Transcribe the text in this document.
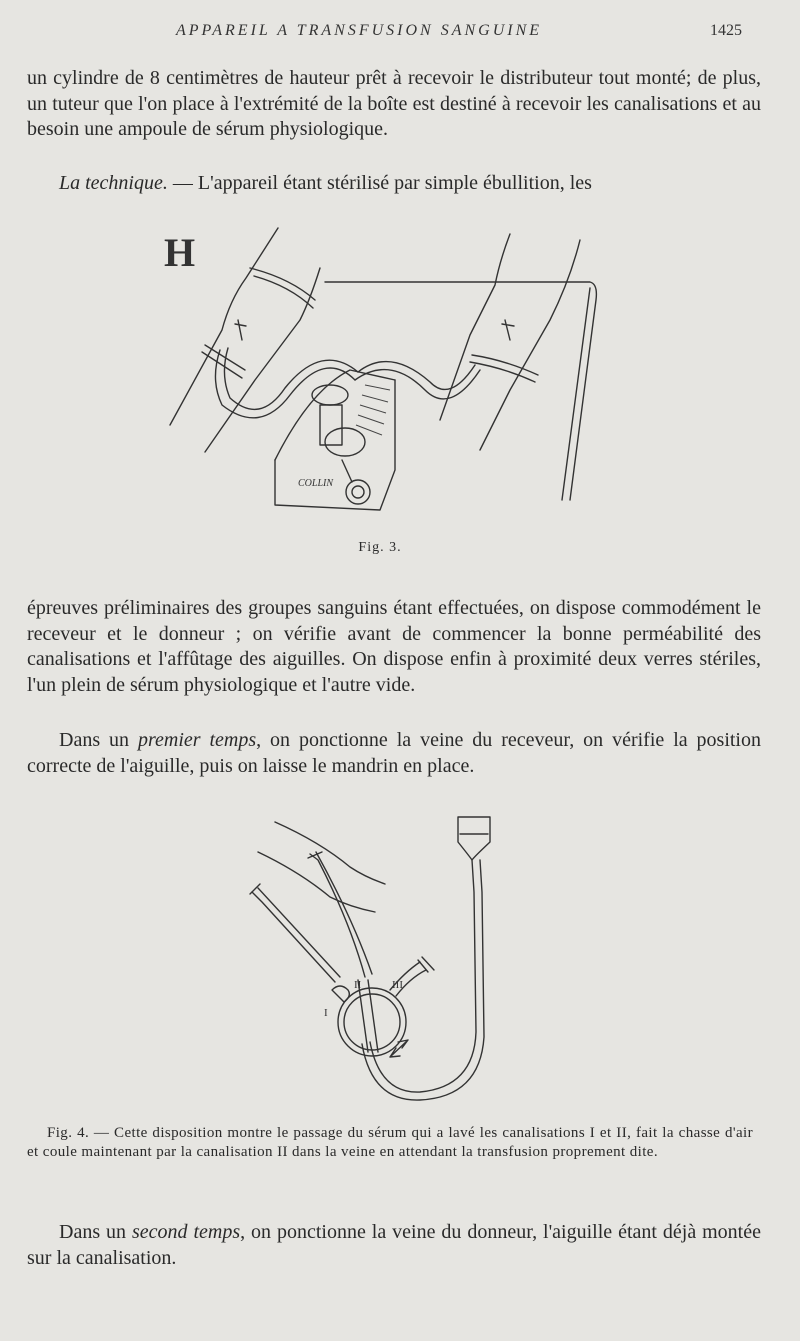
APPAREIL A TRANSFUSION SANGUINE	1425

un cylindre de 8 centimètres de hauteur prêt à recevoir le distributeur tout monté; de plus, un tuteur que l'on place à l'extrémité de la boîte est destiné à recevoir les canalisations et au besoin une ampoule de sérum physiologique.

La technique. — L'appareil étant stérilisé par simple ébullition, les

H
COLLIN
Fig. 3.

épreuves préliminaires des groupes sanguins étant effectuées, on dispose commodément le receveur et le donneur ; on vérifie avant de commencer la bonne perméabilité des canalisations et l'affûtage des aiguilles. On dispose enfin à proximité deux verres stériles, l'un plein de sérum physiologique et l'autre vide.

Dans un premier temps, on ponctionne la veine du receveur, on vérifie la position correcte de l'aiguille, puis on laisse le mandrin en place.

I
II	III

Fig. 4. — Cette disposition montre le passage du sérum qui a lavé les canalisations I et II, fait la chasse d'air et coule maintenant par la canalisation II dans la veine en attendant la transfusion proprement dite.

Dans un second temps, on ponctionne la veine du donneur, l'aiguille étant déjà montée sur la canalisation.
